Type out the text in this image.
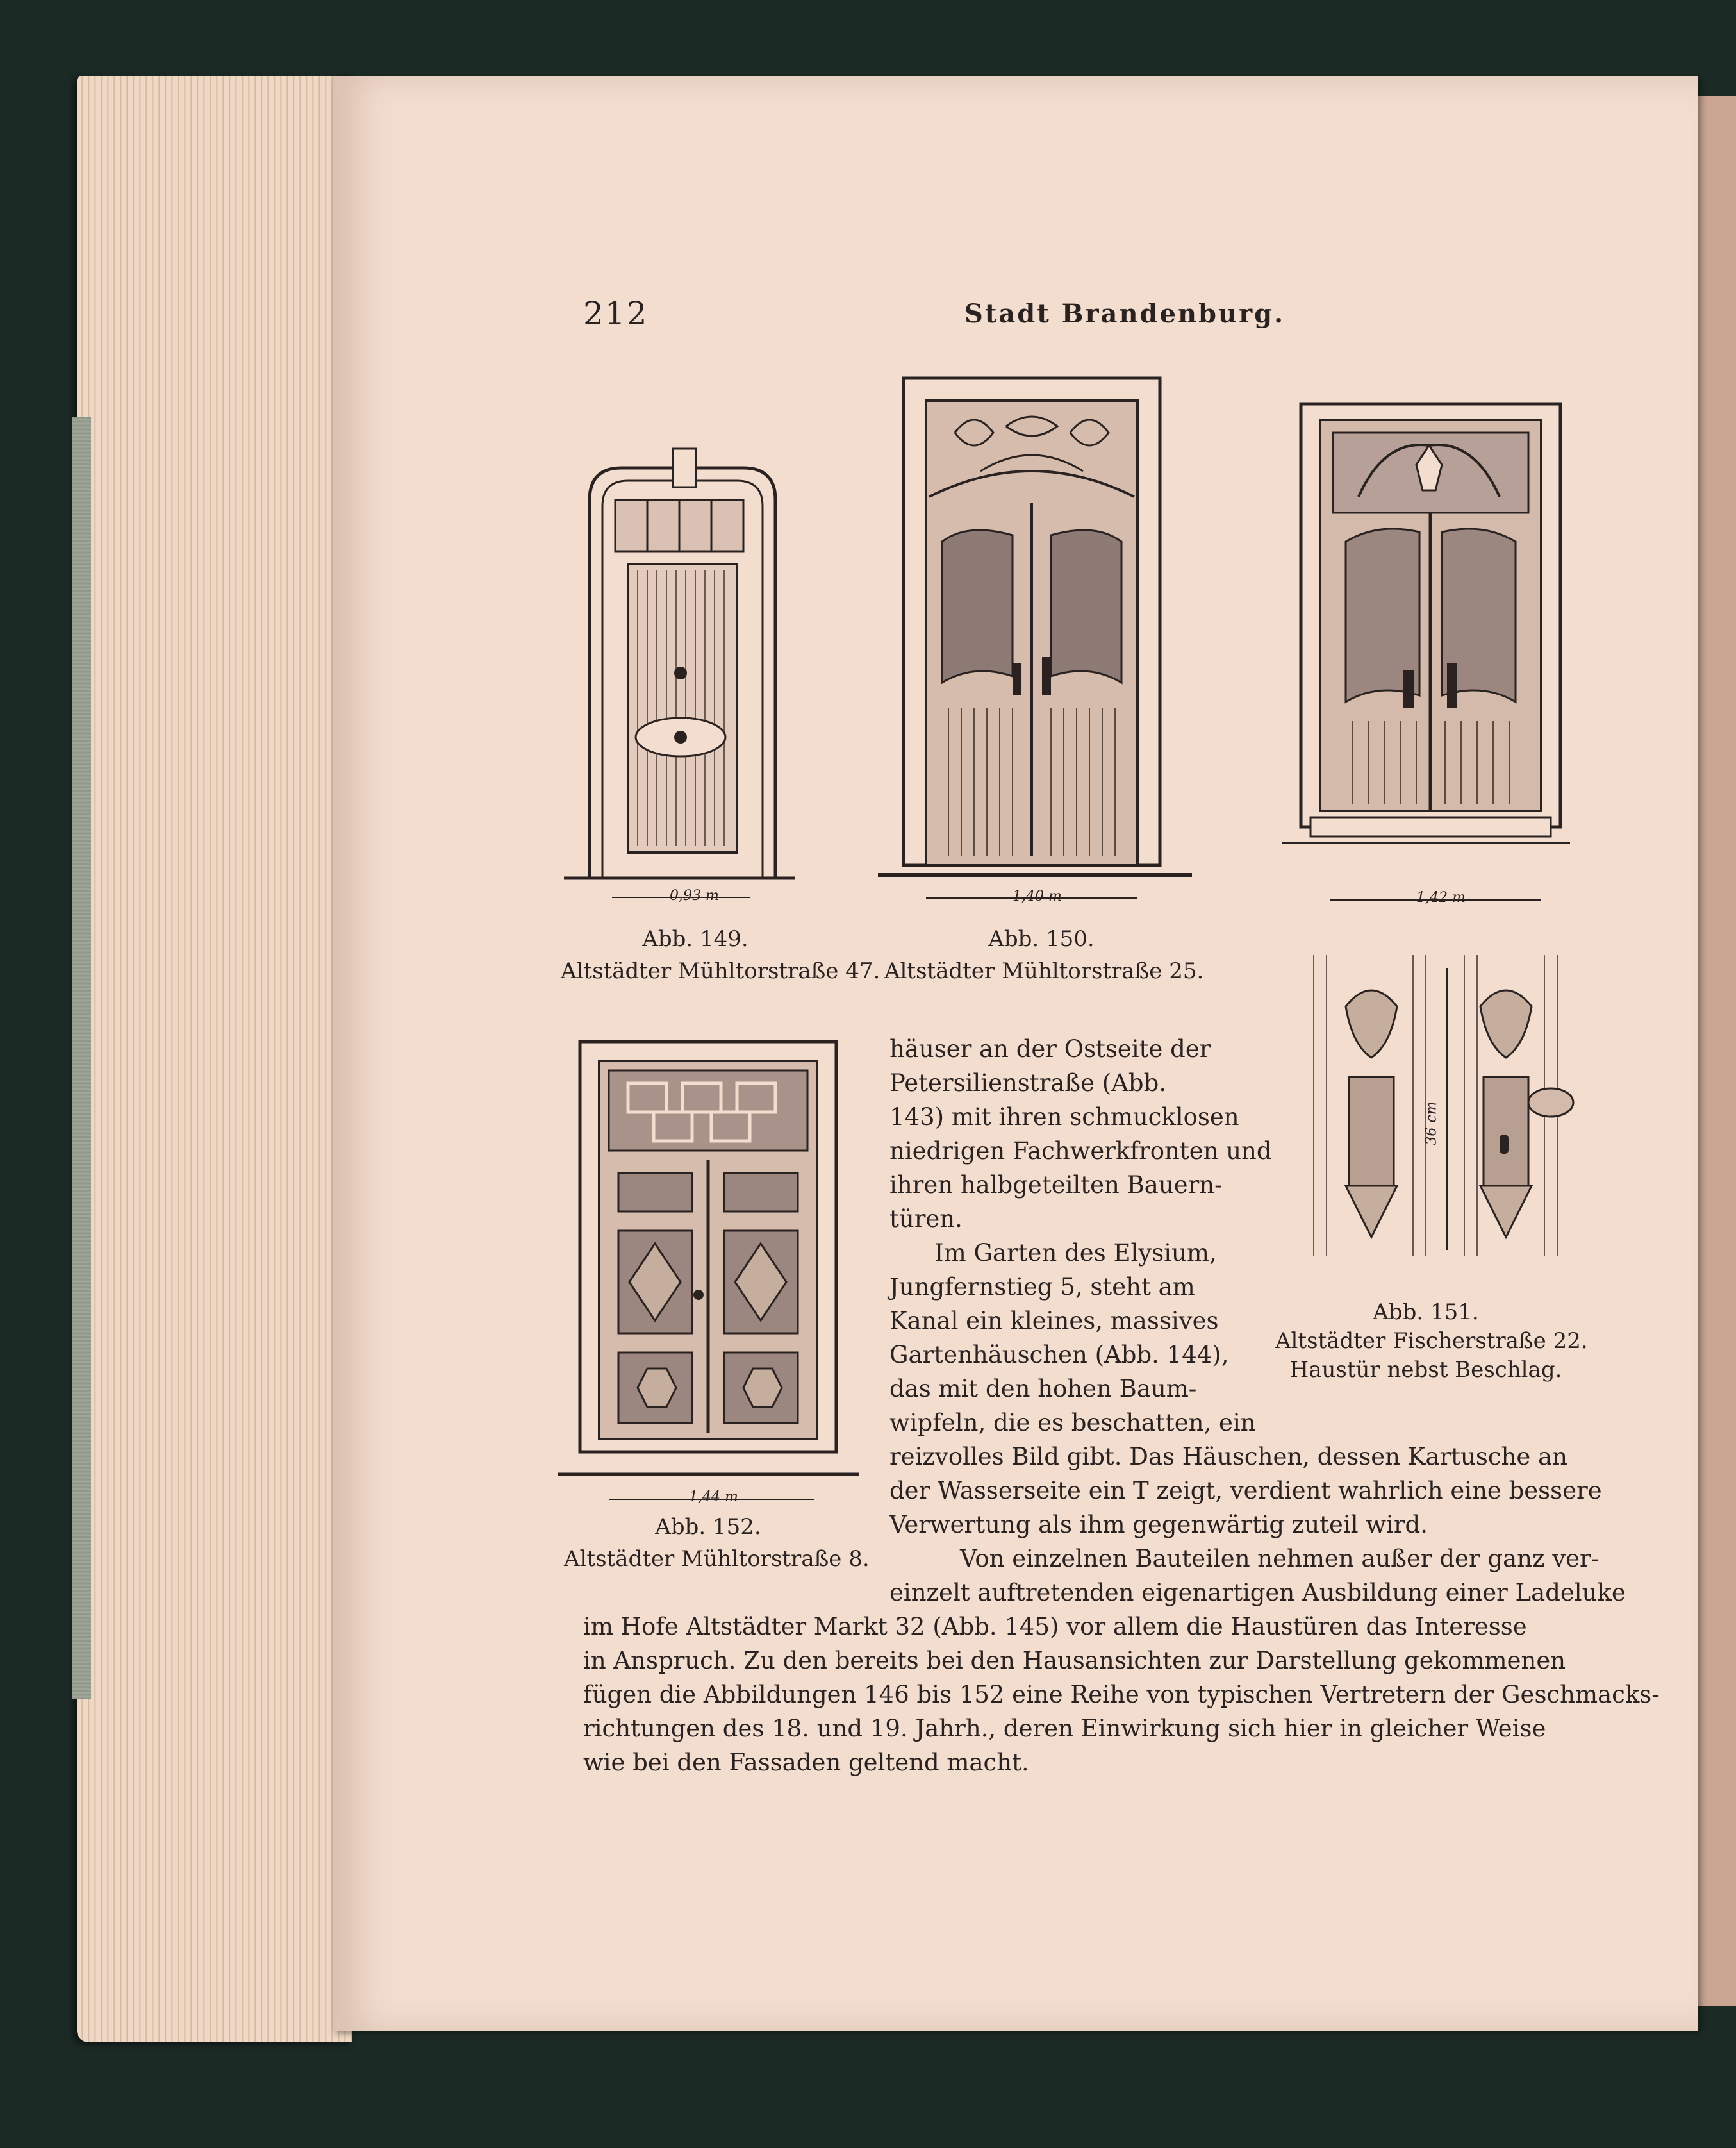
212	Stadt Brandenburg.
0,93 m
Abb. 149.
Altstädter Mühltorstraße 47.
1,40 m
Abb. 150.
Altstädter Mühltorstraße 25.
1,42 m
36 cm
Abb. 151.
Altstädter Fischerstraße 22.
Haustür nebst Beschlag.
1,44 m
Abb. 152.
Altstädter Mühltorstraße 8.
häuser an der Ostseite der
Petersilienstraße (Abb.
143) mit ihren schmucklosen
niedrigen Fachwerkfronten und
ihren halbgeteilten Bauern-
türen.
Im Garten des Elysium,
Jungfernstieg 5, steht am
Kanal ein kleines, massives
Gartenhäuschen (Abb. 144),
das mit den hohen Baum-
wipfeln, die es beschatten, ein
reizvolles Bild gibt. Das Häuschen, dessen Kartusche an
der Wasserseite ein T zeigt, verdient wahrlich eine bessere
Verwertung als ihm gegenwärtig zuteil wird.
Von einzelnen Bauteilen nehmen außer der ganz ver-
einzelt auftretenden eigenartigen Ausbildung einer Ladeluke
im Hofe Altstädter Markt 32 (Abb. 145) vor allem die Haustüren das Interesse
in Anspruch. Zu den bereits bei den Hausansichten zur Darstellung gekommenen
fügen die Abbildungen 146 bis 152 eine Reihe von typischen Vertretern der Geschmacks-
richtungen des 18. und 19. Jahrh., deren Einwirkung sich hier in gleicher Weise
wie bei den Fassaden geltend macht.
